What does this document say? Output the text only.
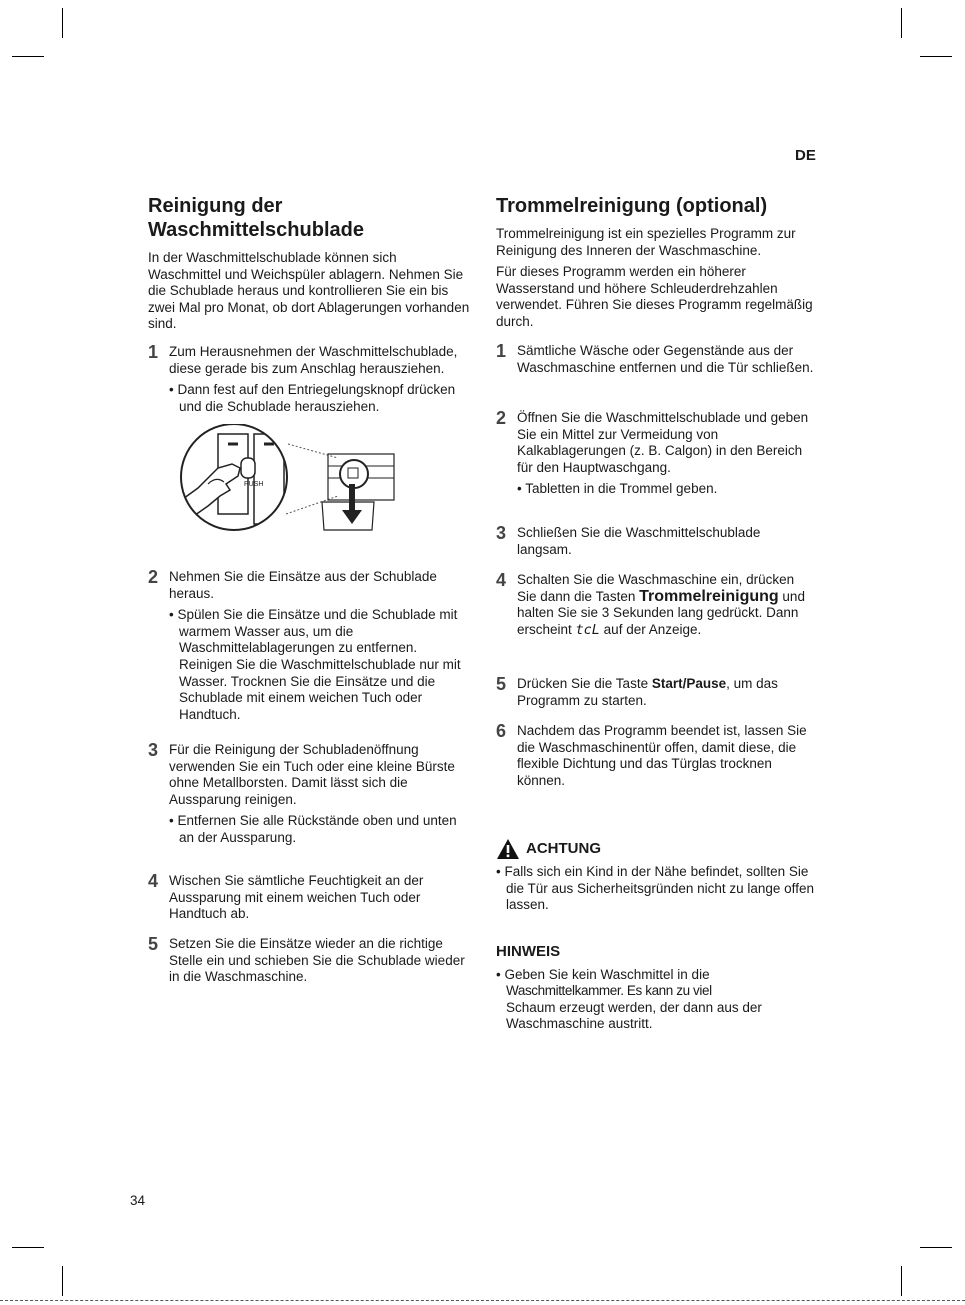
DE
Reinigung der
Waschmittelschublade

In der Waschmittelschublade können sich Waschmittel und Weichspüler ablagern. Nehmen Sie die Schublade heraus und kontrollieren Sie ein bis zwei Mal pro Monat, ob dort Ablagerungen vorhanden sind.

1 Zum Herausnehmen der Waschmittelschublade, diese gerade bis zum Anschlag herausziehen.

• Dann fest auf den Entriegelungsknopf drücken und die Schublade herausziehen.

PUSH
2 Nehmen Sie die Einsätze aus der Schublade heraus.

• Spülen Sie die Einsätze und die Schublade mit warmem Wasser aus, um die Waschmittelablagerungen zu entfernen. Reinigen Sie die Waschmittelschublade nur mit Wasser. Trocknen Sie die Einsätze und die Schublade mit einem weichen Tuch oder Handtuch.

3 Für die Reinigung der Schubladenöffnung verwenden Sie ein Tuch oder eine kleine Bürste ohne Metallborsten. Damit lässt sich die Aussparung reinigen.

• Entfernen Sie alle Rückstände oben und unten an der Aussparung.

4 Wischen Sie sämtliche Feuchtigkeit an der Aussparung mit einem weichen Tuch oder Handtuch ab.

5 Setzen Sie die Einsätze wieder an die richtige Stelle ein und schieben Sie die Schublade wieder in die Waschmaschine.

Trommelreinigung (optional)

Trommelreinigung ist ein spezielles Programm zur Reinigung des Inneren der Waschmaschine.

Für dieses Programm werden ein höherer Wasserstand und höhere Schleuderdrehzahlen verwendet. Führen Sie dieses Programm regelmäßig durch.

1 Sämtliche Wäsche oder Gegenstände aus der Waschmaschine entfernen und die Tür schließen.

2 Öffnen Sie die Waschmittelschublade und geben Sie ein Mittel zur Vermeidung von Kalkablagerungen (z. B. Calgon) in den Bereich für den Hauptwaschgang.

• Tabletten in die Trommel geben.

3 Schließen Sie die Waschmittelschublade langsam.

4 Schalten Sie die Waschmaschine ein, drücken Sie dann die Tasten Trommelreinigung und halten Sie sie 3 Sekunden lang gedrückt. Dann erscheint tcL auf der Anzeige.

5 Drücken Sie die Taste Start/Pause, um das Programm zu starten.

6 Nachdem das Programm beendet ist, lassen Sie die Waschmaschinentür offen, damit diese, die flexible Dichtung und das Türglas trocknen können.

ACHTUNG

• Falls sich ein Kind in der Nähe befindet, sollten Sie die Tür aus Sicherheitsgründen nicht zu lange offen lassen.

HINWEIS

• Geben Sie kein Waschmittel in die

Waschmittelkammer. Es kann zu viel

Schaum erzeugt werden, der dann aus der

Waschmaschine austritt.

34
